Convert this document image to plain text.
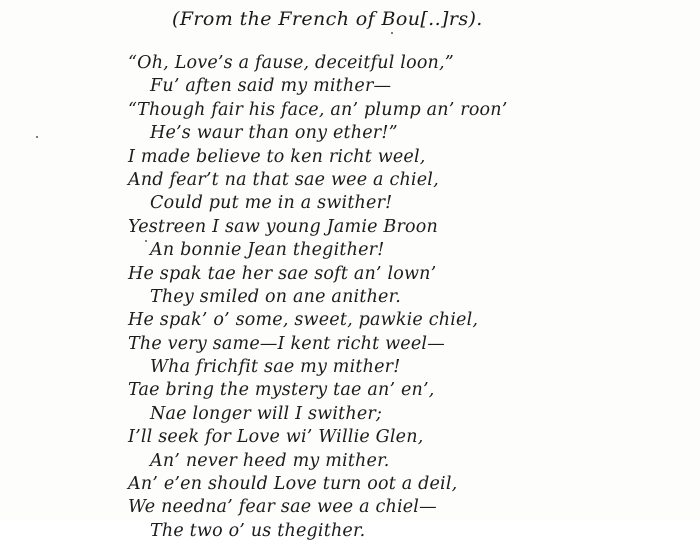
(From the French of Bou[..]rs).
“Oh, Love’s a fause, deceitful loon,”
Fu’ aften said my mither—
“Though fair his face, an’ plump an’ roon’
He’s waur than ony ether!”
I made believe to ken richt weel,
And fear’t na that sae wee a chiel,
Could put me in a swither!
Yestreen I saw young Jamie Broon
An bonnie Jean thegither!
He spak tae her sae soft an’ lown’
They smiled on ane anither.
He spak’ o’ some, sweet, pawkie chiel,
The very same—I kent richt weel—
Wha frichfit sae my mither!
Tae bring the mystery tae an’ en’,
Nae longer will I swither;
I’ll seek for Love wi’ Willie Glen,
An’ never heed my mither.
An’ e’en should Love turn oot a deil,
We needna’ fear sae wee a chiel—
The two o’ us thegither.
